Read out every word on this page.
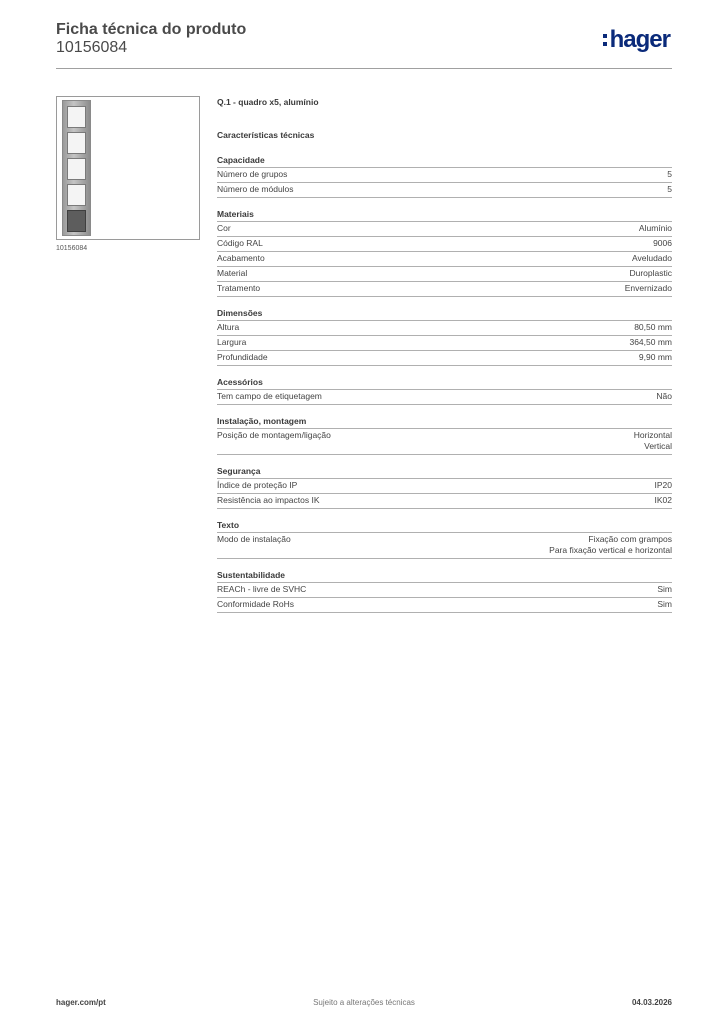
Ficha técnica do produto
10156084	hager
10156084
Q.1 - quadro x5, alumínio
Características técnicas
Capacidade
Número de grupos	5
Número de módulos	5
Materiais
Cor	Alumínio
Código RAL	9006
Acabamento	Aveludado
Material	Duroplastic
Tratamento	Envernizado
Dimensões
Altura	80,50 mm
Largura	364,50 mm
Profundidade	9,90 mm
Acessórios
Tem campo de etiquetagem	Não
Instalação, montagem
Posição de montagem/ligação	Horizontal
Vertical
Segurança
Índice de proteção IP	IP20
Resistência ao impactos IK	IK02
Texto
Modo de instalação	Fixação com grampos
Para fixação vertical e horizontal
Sustentabilidade
REACh - livre de SVHC	Sim
Conformidade RoHs	Sim
hager.com/pt	Sujeito a alterações técnicas	04.03.2026
